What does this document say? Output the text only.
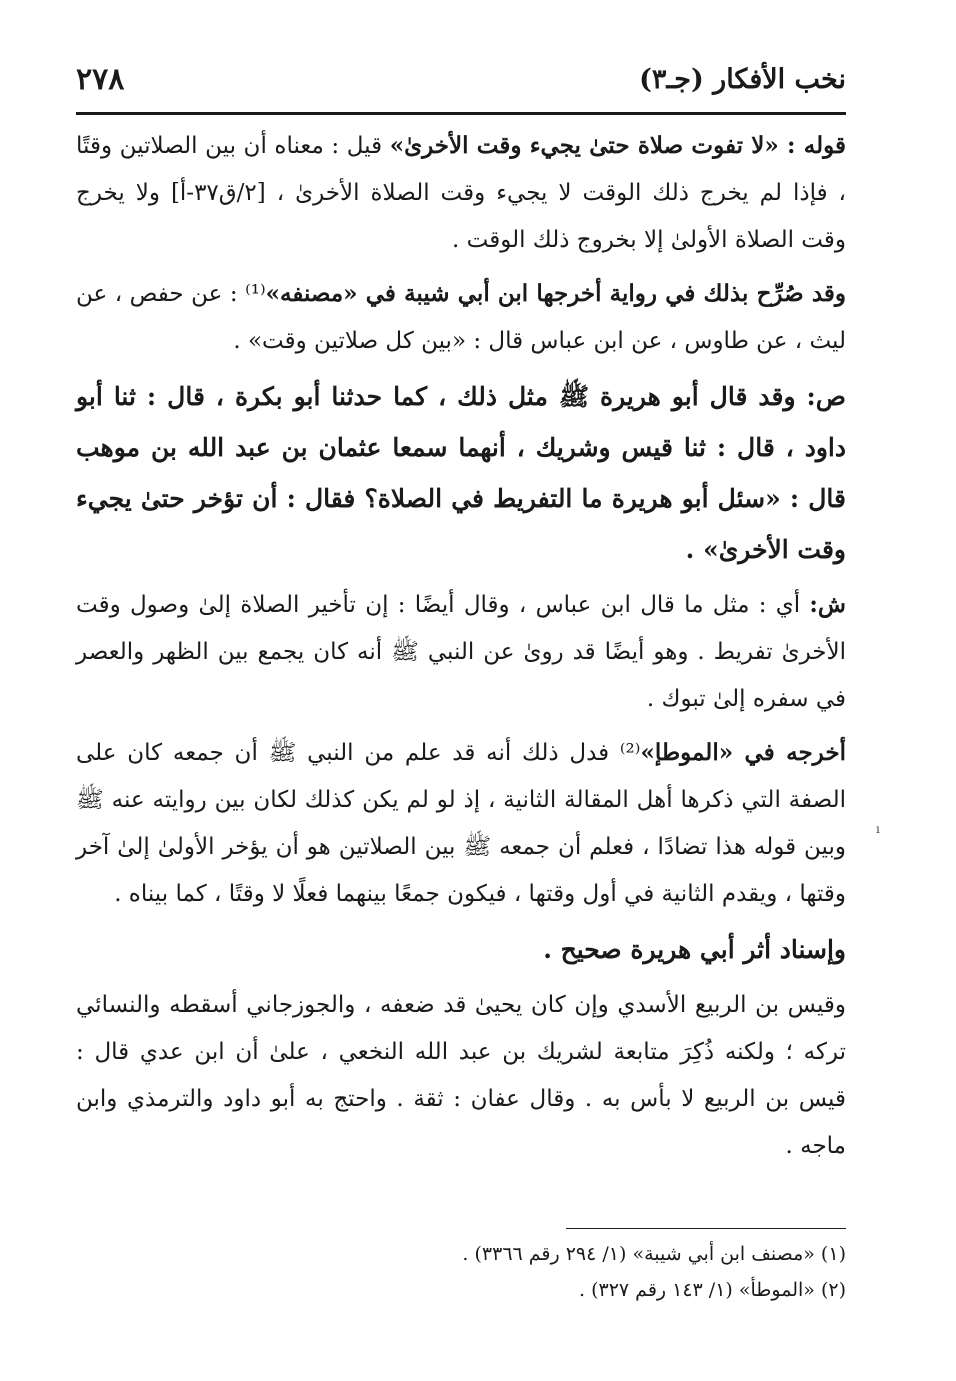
نخب الأفكار (جـ٣)
٢٧٨
ı

قوله : «لا تفوت صلاة حتىٰ يجيء وقت الأخرىٰ» قيل : معناه أن بين الصلاتين وقتًا ، فإذا لم يخرج ذلك الوقت لا يجيء وقت الصلاة الأخرىٰ ، [٢/ق٣٧-أ] ولا يخرج وقت الصلاة الأولىٰ إلا بخروج ذلك الوقت .

وقد صُرِّح بذلك في رواية أخرجها ابن أبي شيبة في «مصنفه»⁽¹⁾ : عن حفص ، عن ليث ، عن طاوس ، عن ابن عباس قال : «بين كل صلاتين وقت» .

ص: وقد قال أبو هريرة ﷺ مثل ذلك ، كما حدثنا أبو بكرة ، قال : ثنا أبو داود ، قال : ثنا قيس وشريك ، أنهما سمعا عثمان بن عبد الله بن موهب قال : «سئل أبو هريرة ما التفريط في الصلاة؟ فقال : أن تؤخر حتىٰ يجيء وقت الأخرىٰ» .

ش: أي : مثل ما قال ابن عباس ، وقال أيضًا : إن تأخير الصلاة إلىٰ وصول وقت الأخرىٰ تفريط . وهو أيضًا قد روىٰ عن النبي ﷺ أنه كان يجمع بين الظهر والعصر في سفره إلىٰ تبوك .

أخرجه في «الموطإ»⁽²⁾ فدل ذلك أنه قد علم من النبي ﷺ أن جمعه كان على الصفة التي ذكرها أهل المقالة الثانية ، إذ لو لم يكن كذلك لكان بين روايته عنه ﷺ وبين قوله هذا تضادًا ، فعلم أن جمعه ﷺ بين الصلاتين هو أن يؤخر الأولىٰ إلىٰ آخر وقتها ، ويقدم الثانية في أول وقتها ، فيكون جمعًا بينهما فعلًا لا وقتًا ، كما بيناه .

وإسناد أثر أبي هريرة صحيح .

وقيس بن الربيع الأسدي وإن كان يحيىٰ قد ضعفه ، والجوزجاني أسقطه والنسائي تركه ؛ ولكنه ذُكِرَ متابعة لشريك بن عبد الله النخعي ، علىٰ أن ابن عدي قال : قيس بن الربيع لا بأس به . وقال عفان : ثقة . واحتج به أبو داود والترمذي وابن ماجه .

(١) «مصنف ابن أبي شيبة» (١/ ٢٩٤ رقم ٣٣٦٦) .

(٢) «الموطأ» (١/ ١٤٣ رقم ٣٢٧) .
